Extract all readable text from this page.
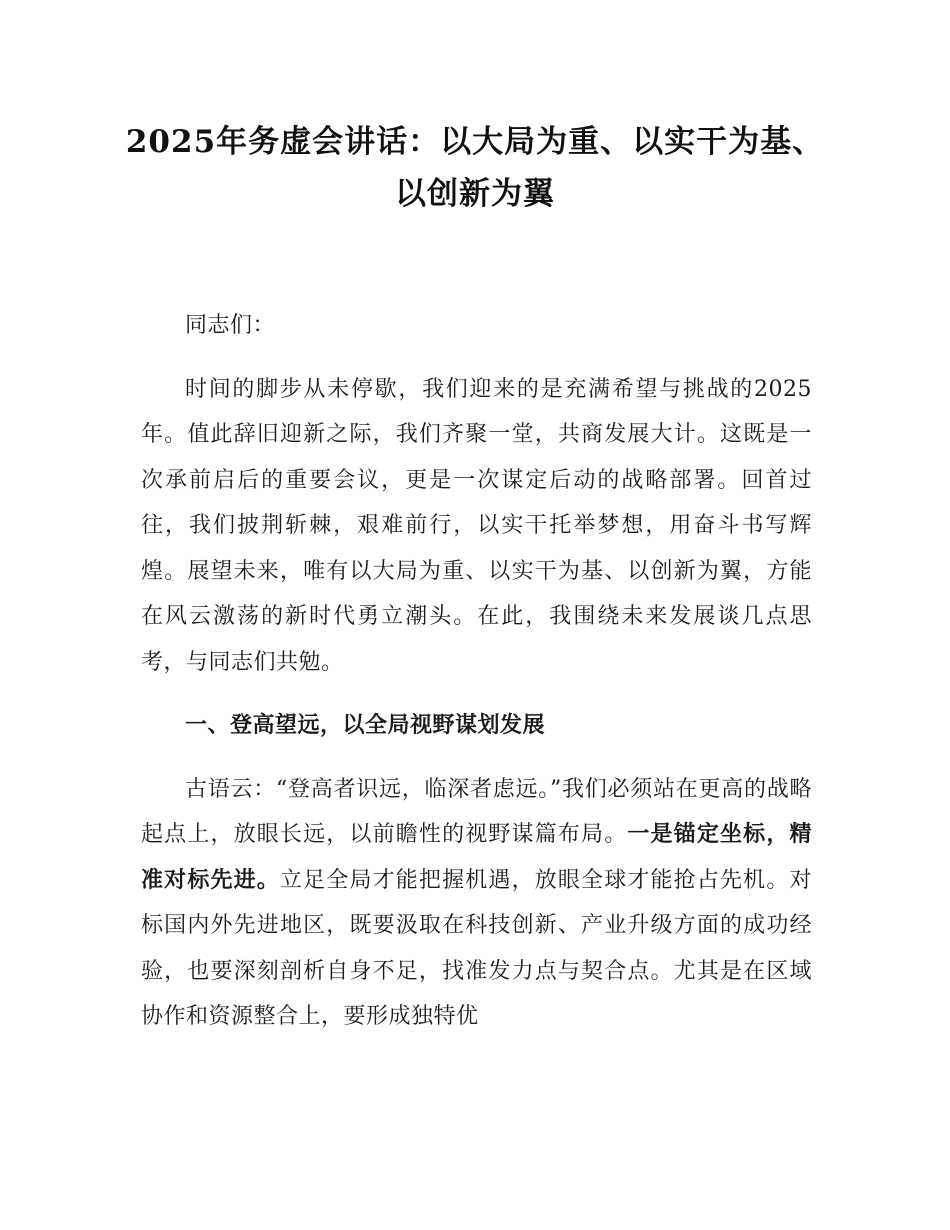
2025年务虚会讲话：以大局为重、以实干为基、以创新为翼

同志们：

时间的脚步从未停歇，我们迎来的是充满希望与挑战的2025年。值此辞旧迎新之际，我们齐聚一堂，共商发展大计。这既是一次承前启后的重要会议，更是一次谋定后动的战略部署。回首过往，我们披荆斩棘，艰难前行，以实干托举梦想，用奋斗书写辉煌。展望未来，唯有以大局为重、以实干为基、以创新为翼，方能在风云激荡的新时代勇立潮头。在此，我围绕未来发展谈几点思考，与同志们共勉。

一、登高望远，以全局视野谋划发展

古语云：“登高者识远，临深者虑远。”我们必须站在更高的战略起点上，放眼长远，以前瞻性的视野谋篇布局。一是锚定坐标，精准对标先进。立足全局才能把握机遇，放眼全球才能抢占先机。对标国内外先进地区，既要汲取在科技创新、产业升级方面的成功经验，也要深刻剖析自身不足，找准发力点与契合点。尤其是在区域协作和资源整合上，要形成独特优
